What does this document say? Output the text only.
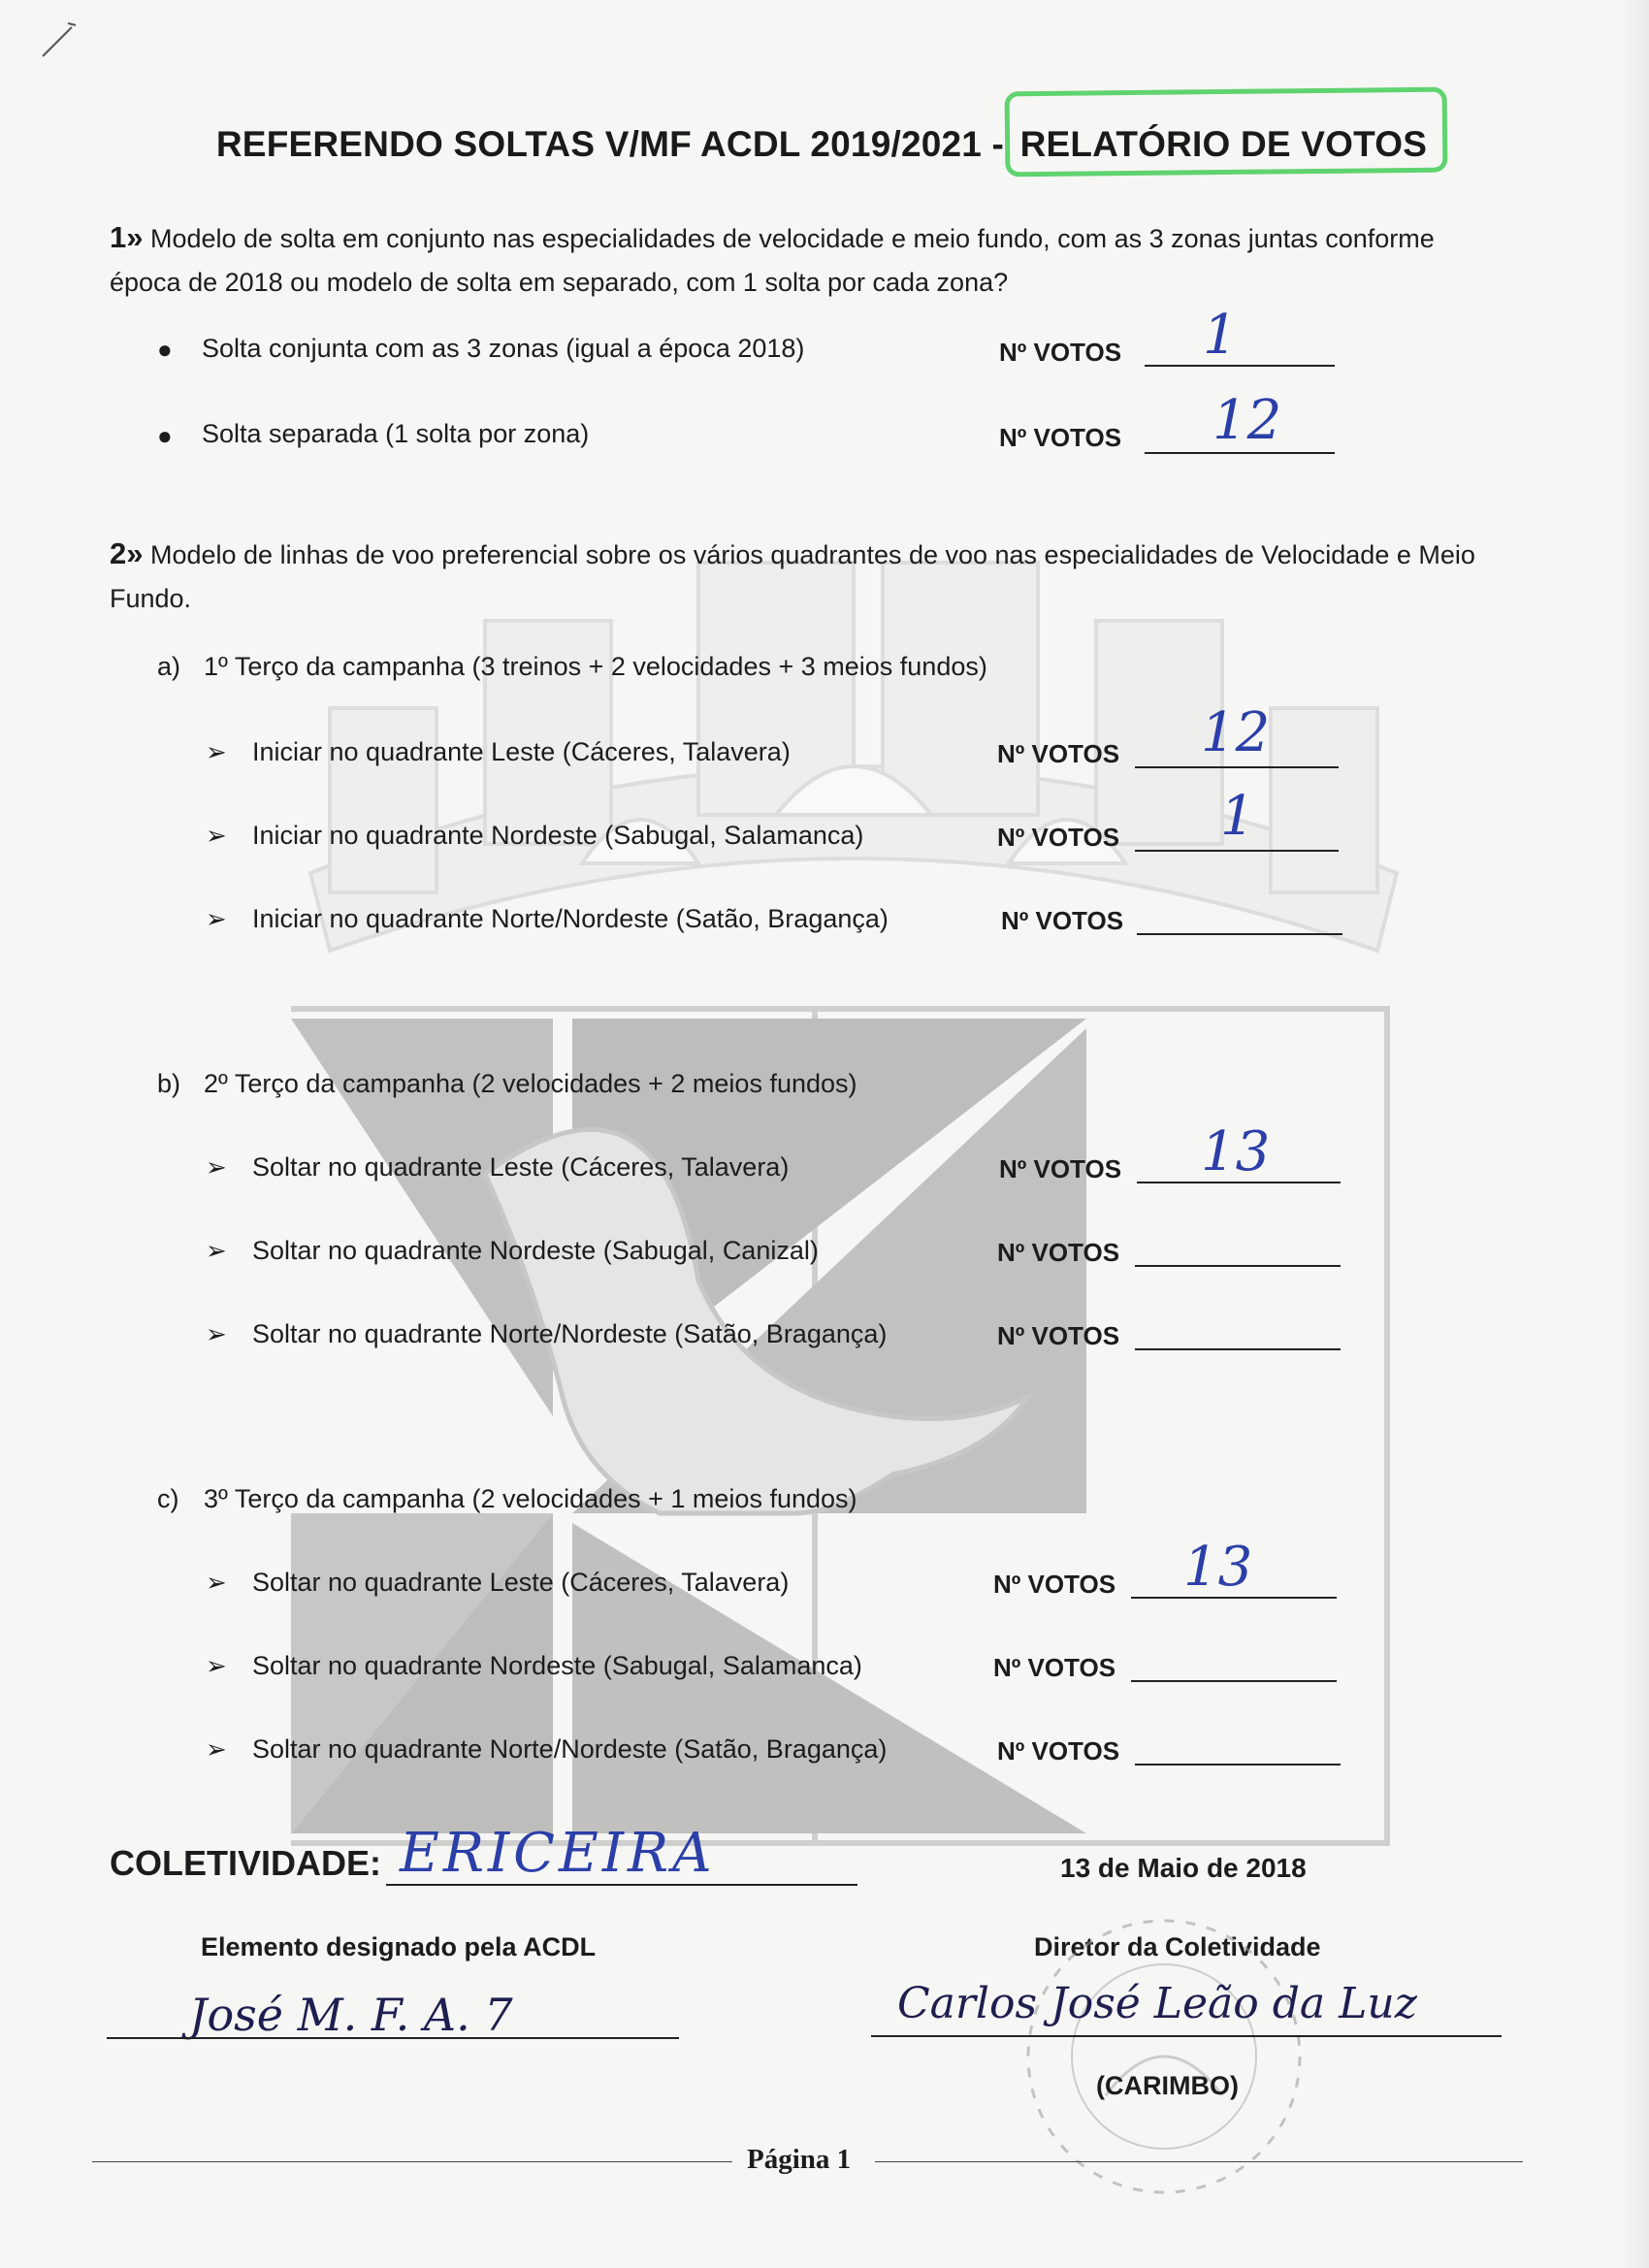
REFERENDO SOLTAS V/MF ACDL 2019/2021 - RELATÓRIO DE VOTOS
1» Modelo de solta em conjunto nas especialidades de velocidade e meio fundo, com as 3 zonas juntas conforme época de 2018 ou modelo de solta em separado, com 1 solta por cada zona?
● Solta conjunta com as 3 zonas (igual a época 2018)	Nº VOTOS 1
● Solta separada (1 solta por zona)	Nº VOTOS 12
2» Modelo de linhas de voo preferencial sobre os vários quadrantes de voo nas especialidades de Velocidade e Meio Fundo.
a) 1º Terço da campanha (3 treinos + 2 velocidades + 3 meios fundos)
➢ Iniciar no quadrante Leste (Cáceres, Talavera)	Nº VOTOS 12
➢ Iniciar no quadrante Nordeste (Sabugal, Salamanca)	Nº VOTOS 1
➢ Iniciar no quadrante Norte/Nordeste (Satão, Bragança)	Nº VOTOS
b) 2º Terço da campanha (2 velocidades + 2 meios fundos)
➢ Soltar no quadrante Leste (Cáceres, Talavera)	Nº VOTOS 13
➢ Soltar no quadrante Nordeste (Sabugal, Canizal)	Nº VOTOS
➢ Soltar no quadrante Norte/Nordeste (Satão, Bragança)	Nº VOTOS
c) 3º Terço da campanha (2 velocidades + 1 meios fundos)
➢ Soltar no quadrante Leste (Cáceres, Talavera)	Nº VOTOS 13
➢ Soltar no quadrante Nordeste (Sabugal, Salamanca)	Nº VOTOS
➢ Soltar no quadrante Norte/Nordeste (Satão, Bragança)	Nº VOTOS
COLETIVIDADE: ERICEIRA	13 de Maio de 2018
Elemento designado pela ACDL
José M. F. A. 7
Diretor da Coletividade
Carlos José Leão da Luz
(CARIMBO)
Página 1
